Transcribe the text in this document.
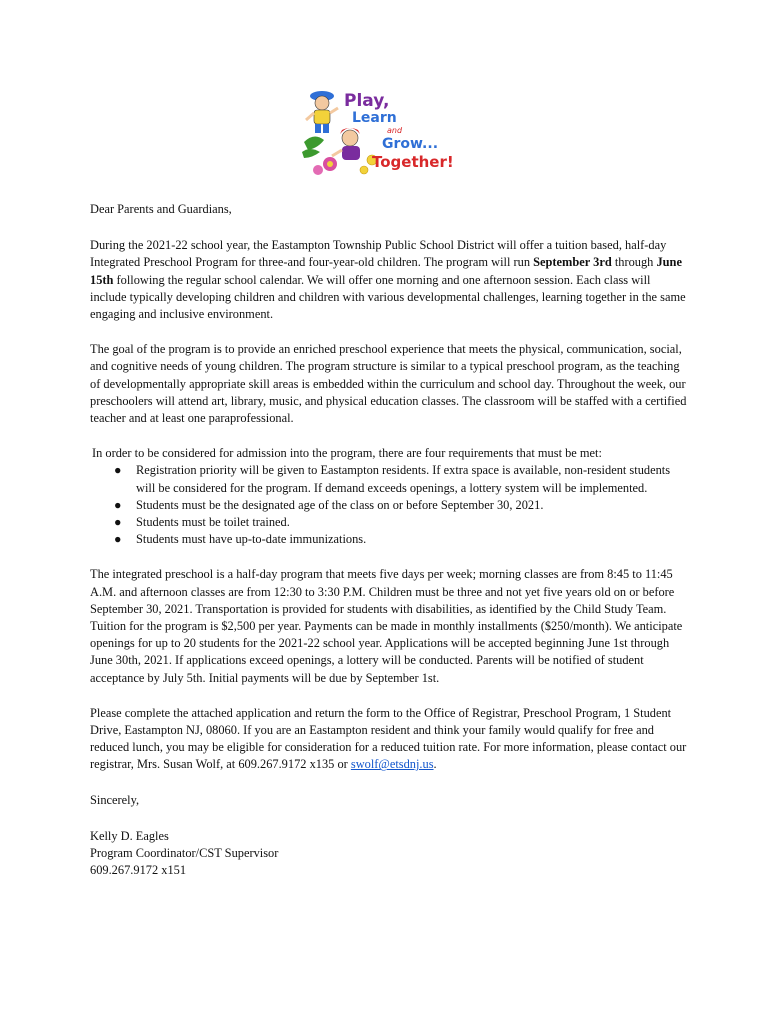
Play,
Learn
and
Grow...
Together!

Dear Parents and Guardians,

During the 2021-22 school year, the Eastampton Township Public School District will offer a tuition based, half-day Integrated Preschool Program for three-and four-year-old children. The program will run September 3rd through June 15th following the regular school calendar. We will offer one morning and one afternoon session. Each class will include typically developing children and children with various developmental challenges, learning together in the same engaging and inclusive environment.

The goal of the program is to provide an enriched preschool experience that meets the physical, communication, social, and cognitive needs of young children. The program structure is similar to a typical preschool program, as the teaching of developmentally appropriate skill areas is embedded within the curriculum and school day. Throughout the week, our preschoolers will attend art, library, music, and physical education classes. The classroom will be staffed with a certified teacher and at least one paraprofessional.

In order to be considered for admission into the program, there are four requirements that must be met:

● Registration priority will be given to Eastampton residents. If extra space is available, non-resident students will be considered for the program. If demand exceeds openings, a lottery system will be implemented.
● Students must be the designated age of the class on or before September 30, 2021.
● Students must be toilet trained.
● Students must have up-to-date immunizations.

The integrated preschool is a half-day program that meets five days per week; morning classes are from 8:45 to 11:45 A.M. and afternoon classes are from 12:30 to 3:30 P.M. Children must be three and not yet five years old on or before September 30, 2021. Transportation is provided for students with disabilities, as identified by the Child Study Team. Tuition for the program is $2,500 per year. Payments can be made in monthly installments ($250/month). We anticipate openings for up to 20 students for the 2021-22 school year. Applications will be accepted beginning June 1st through June 30th, 2021. If applications exceed openings, a lottery will be conducted. Parents will be notified of student acceptance by July 5th. Initial payments will be due by September 1st.

Please complete the attached application and return the form to the Office of Registrar, Preschool Program, 1 Student Drive, Eastampton NJ, 08060. If you are an Eastampton resident and think your family would qualify for free and reduced lunch, you may be eligible for consideration for a reduced tuition rate. For more information, please contact our registrar, Mrs. Susan Wolf, at 609.267.9172 x135 or swolf@etsdnj.us.

Sincerely,

Kelly D. Eagles

Program Coordinator/CST Supervisor

609.267.9172 x151
